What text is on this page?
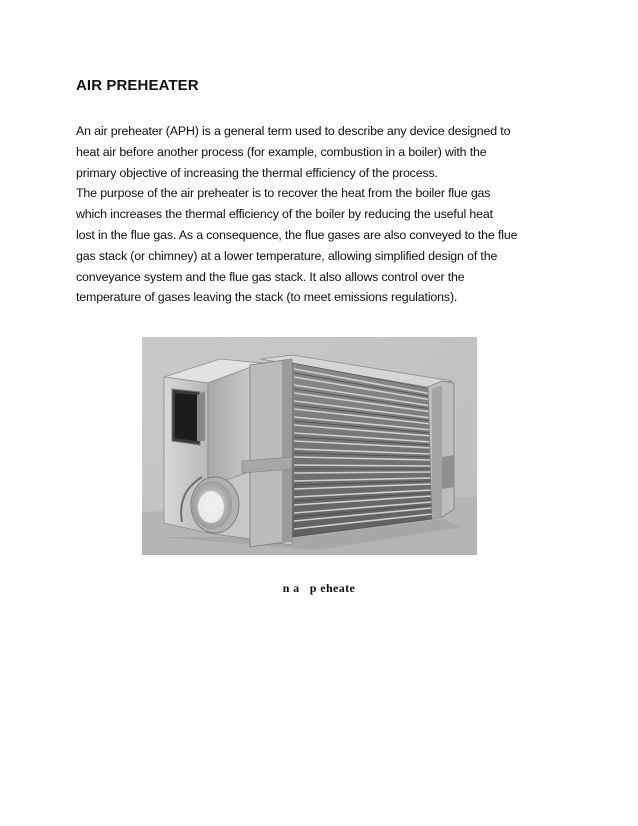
AIR PREHEATER
An air preheater (APH) is a general term used to describe any device designed to
heat air before another process (for example, combustion in a boiler) with the
primary objective of increasing the thermal efficiency of the process.
The purpose of the air preheater is to recover the heat from the boiler flue gas
which increases the thermal efficiency of the boiler by reducing the useful heat
lost in the flue gas. As a consequence, the flue gases are also conveyed to the flue
gas stack (or chimney) at a lower temperature, allowing simplified design of the
conveyance system and the flue gas stack. It also allows control over the
temperature of gases leaving the stack (to meet emissions regulations).
n a   p eheate
